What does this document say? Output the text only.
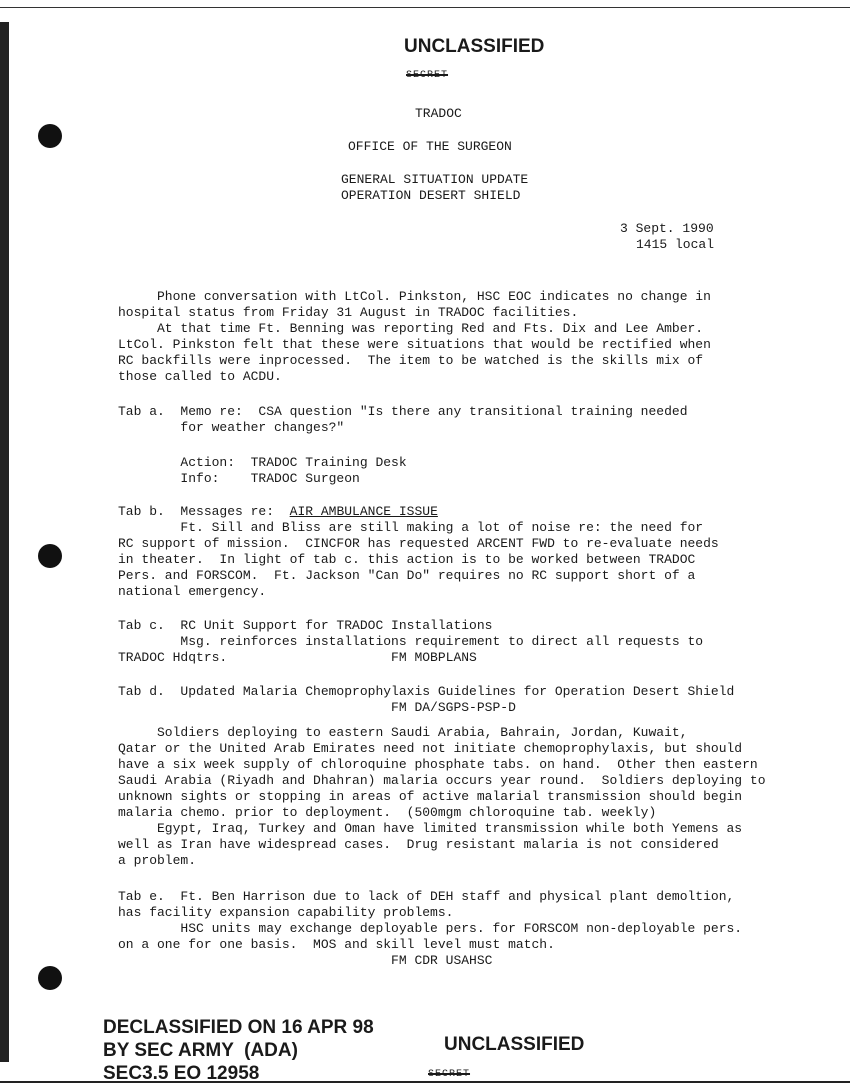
UNCLASSIFIED
SECRET
TRADOC
OFFICE OF THE SURGEON
GENERAL SITUATION UPDATE
OPERATION DESERT SHIELD
3 Sept. 1990
1415 local
Phone conversation with LtCol. Pinkston, HSC EOC indicates no change in
hospital status from Friday 31 August in TRADOC facilities.
At that time Ft. Benning was reporting Red and Fts. Dix and Lee Amber.
LtCol. Pinkston felt that these were situations that would be rectified when
RC backfills were inprocessed.  The item to be watched is the skills mix of
those called to ACDU.
Tab a.  Memo re:  CSA question "Is there any transitional training needed
for weather changes?"
Action:  TRADOC Training Desk
Info:    TRADOC Surgeon
Tab b.  Messages re:  AIR AMBULANCE ISSUE
Ft. Sill and Bliss are still making a lot of noise re: the need for
RC support of mission.  CINCFOR has requested ARCENT FWD to re-evaluate needs
in theater.  In light of tab c. this action is to be worked between TRADOC
Pers. and FORSCOM.  Ft. Jackson "Can Do" requires no RC support short of a
national emergency.
Tab c.  RC Unit Support for TRADOC Installations
Msg. reinforces installations requirement to direct all requests to
TRADOC Hdqtrs.                     FM MOBPLANS
Tab d.  Updated Malaria Chemoprophylaxis Guidelines for Operation Desert Shield
FM DA/SGPS-PSP-D
Soldiers deploying to eastern Saudi Arabia, Bahrain, Jordan, Kuwait,
Qatar or the United Arab Emirates need not initiate chemoprophylaxis, but should
have a six week supply of chloroquine phosphate tabs. on hand.  Other then eastern
Saudi Arabia (Riyadh and Dhahran) malaria occurs year round.  Soldiers deploying to
unknown sights or stopping in areas of active malarial transmission should begin
malaria chemo. prior to deployment.  (500mgm chloroquine tab. weekly)
Egypt, Iraq, Turkey and Oman have limited transmission while both Yemens as
well as Iran have widespread cases.  Drug resistant malaria is not considered
a problem.
Tab e.  Ft. Ben Harrison due to lack of DEH staff and physical plant demoltion,
has facility expansion capability problems.
HSC units may exchange deployable pers. for FORSCOM non-deployable pers.
on a one for one basis.  MOS and skill level must match.
FM CDR USAHSC
DECLASSIFIED ON 16 APR 98
BY SEC ARMY  (ADA)
SEC3.5 EO 12958
UNCLASSIFIED
SECRET
